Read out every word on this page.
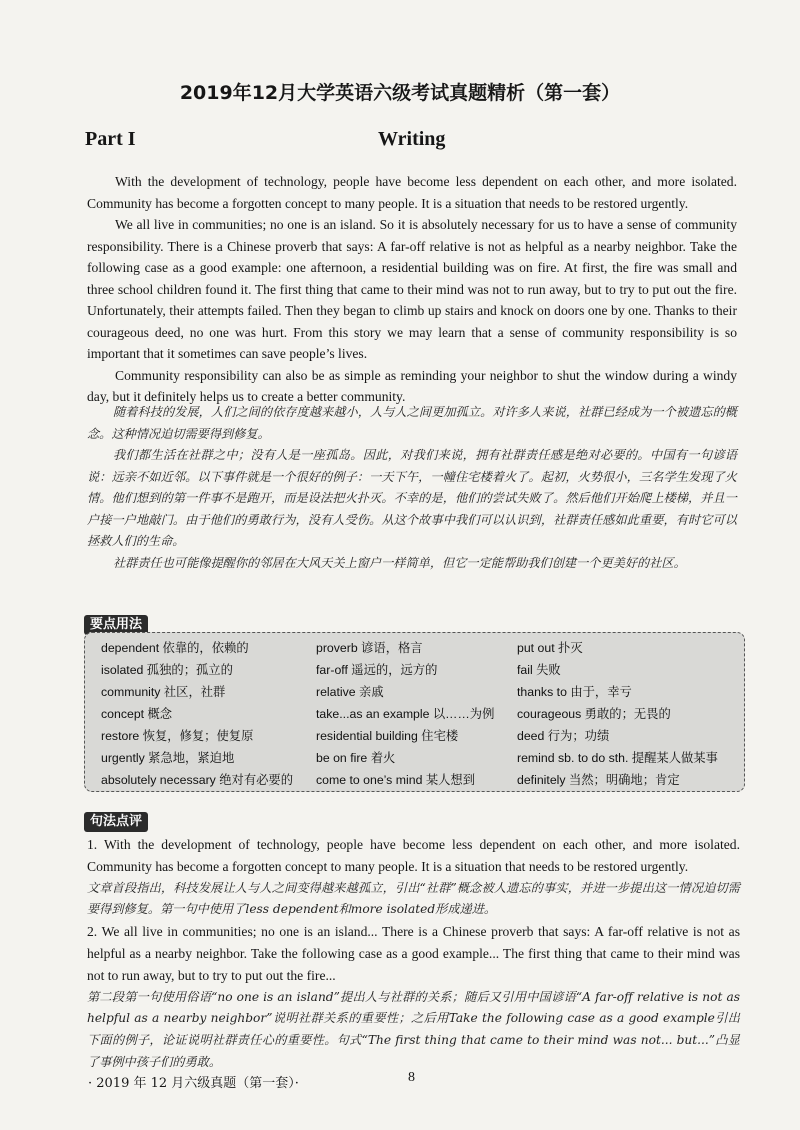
2019年12月大学英语六级考试真题精析（第一套）
Part I	Writing

With the development of technology, people have become less dependent on each other, and more isolated. Community has become a forgotten concept to many people. It is a situation that needs to be restored urgently.

We all live in communities; no one is an island. So it is absolutely necessary for us to have a sense of community responsibility. There is a Chinese proverb that says: A far-off relative is not as helpful as a nearby neighbor. Take the following case as a good example: one afternoon, a residential building was on fire. At first, the fire was small and three school children found it. The first thing that came to their mind was not to run away, but to try to put out the fire. Unfortunately, their attempts failed. Then they began to climb up stairs and knock on doors one by one. Thanks to their courageous deed, no one was hurt. From this story we may learn that a sense of community responsibility is so important that it sometimes can save people’s lives.

Community responsibility can also be as simple as reminding your neighbor to shut the window during a windy day, but it definitely helps us to create a better community.

随着科技的发展，人们之间的依存度越来越小，人与人之间更加孤立。对许多人来说，社群已经成为一个被遗忘的概念。这种情况迫切需要得到修复。

我们都生活在社群之中；没有人是一座孤岛。因此，对我们来说，拥有社群责任感是绝对必要的。中国有一句谚语说：远亲不如近邻。以下事件就是一个很好的例子：一天下午，一幢住宅楼着火了。起初，火势很小，三名学生发现了火情。他们想到的第一件事不是跑开，而是设法把火扑灭。不幸的是，他们的尝试失败了。然后他们开始爬上楼梯，并且一户接一户地敲门。由于他们的勇敢行为，没有人受伤。从这个故事中我们可以认识到，社群责任感如此重要，有时它可以拯救人们的生命。

社群责任也可能像提醒你的邻居在大风天关上窗户一样简单，但它一定能帮助我们创建一个更美好的社区。

要点用法
dependent 依靠的，依赖的
isolated 孤独的；孤立的
community 社区，社群
concept 概念
restore 恢复，修复；使复原
urgently 紧急地，紧迫地
absolutely necessary 绝对有必要的
proverb 谚语，格言
far-off 遥远的，远方的
relative 亲戚
take...as an example 以……为例
residential building 住宅楼
be on fire 着火
come to one’s mind 某人想到
put out 扑灭
fail 失败
thanks to 由于，幸亏
courageous 勇敢的；无畏的
deed 行为；功绩
remind sb. to do sth. 提醒某人做某事
definitely 当然；明确地；肯定
句法点评

1. With the development of technology, people have become less dependent on each other, and more isolated. Community has become a forgotten concept to many people. It is a situation that needs to be restored urgently.

文章首段指出，科技发展让人与人之间变得越来越孤立，引出“社群”概念被人遗忘的事实，并进一步提出这一情况迫切需要得到修复。第一句中使用了less dependent和more isolated形成递进。

2. We all live in communities; no one is an island... There is a Chinese proverb that says: A far-off relative is not as helpful as a nearby neighbor. Take the following case as a good example... The first thing that came to their mind was not to run away, but to try to put out the fire...

第二段第一句使用俗语“no one is an island”提出人与社群的关系；随后又引用中国谚语“A far-off relative is not as helpful as a nearby neighbor”说明社群关系的重要性；之后用Take the following case as a good example引出下面的例子，论证说明社群责任心的重要性。句式“The first thing that came to their mind was not... but...”凸显了事例中孩子们的勇敢。

· 2019 年 12 月六级真题（第一套）·	8
